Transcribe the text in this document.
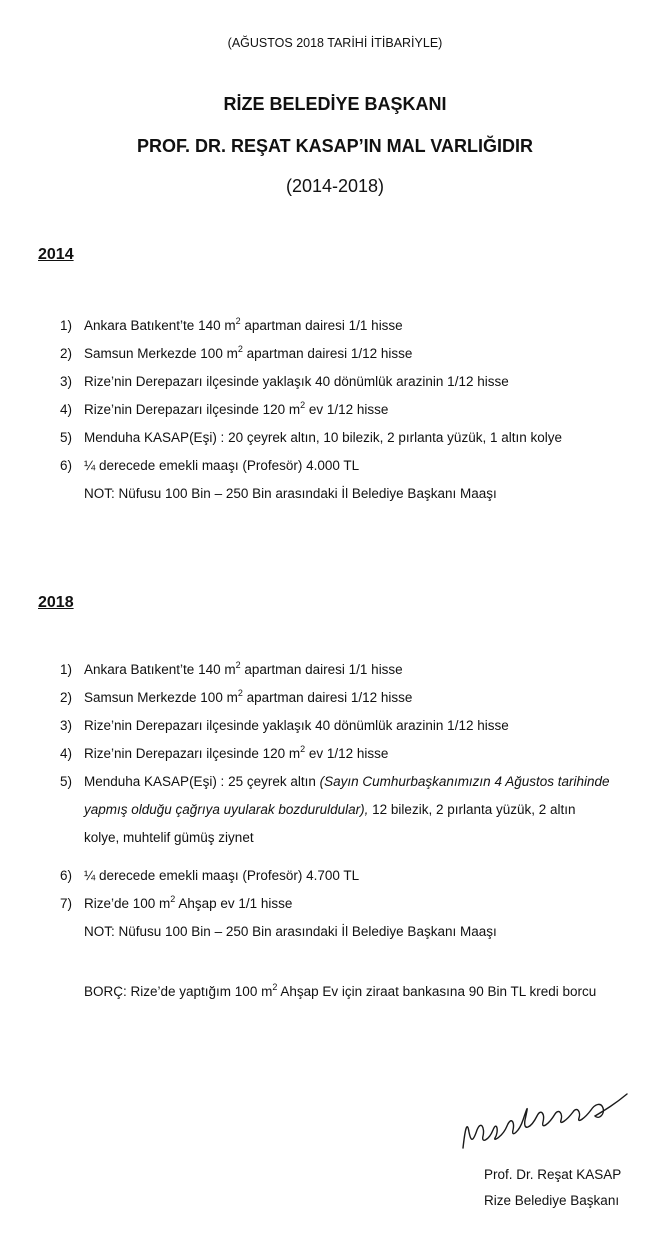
(AĞUSTOS 2018 TARİHİ İTİBARİYLE)
RİZE BELEDİYE BAŞKANI
PROF. DR. REŞAT KASAP’IN MAL VARLIĞIDIR
(2014-2018)
2014
1) Ankara Batıkent’te 140 $m^2$ apartman dairesi 1/1 hisse
2) Samsun Merkezde 100 $m^2$ apartman dairesi 1/12 hisse
3) Rize’nin Derepazarı ilçesinde yaklaşık 40 dönümlük arazinin 1/12 hisse
4) Rize’nin Derepazarı ilçesinde 120 $m^2$ ev 1/12 hisse
5) Menduha KASAP(Eşi) : 20 çeyrek altın, 10 bilezik, 2 pırlanta yüzük, 1 altın kolye
6) ¼ derecede emekli maaşı (Profesör) 4.000 TL
NOT: Nüfusu 100 Bin – 250 Bin arasındaki İl Belediye Başkanı Maaşı
2018
1) Ankara Batıkent’te 140 $m^2$ apartman dairesi 1/1 hisse
2) Samsun Merkezde 100 $m^2$ apartman dairesi 1/12 hisse
3) Rize’nin Derepazarı ilçesinde yaklaşık 40 dönümlük arazinin 1/12 hisse
4) Rize’nin Derepazarı ilçesinde 120 $m^2$ ev 1/12 hisse
5) Menduha KASAP(Eşi) : 25 çeyrek altın (Sayın Cumhurbaşkanımızın 4 Ağustos tarihinde
yapmış olduğu çağrıya uyularak bozduruldular), 12 bilezik, 2 pırlanta yüzük, 2 altın
kolye, muhtelif gümüş ziynet
6) ¼ derecede emekli maaşı (Profesör) 4.700 TL
7) Rize’de 100 $m^2$ Ahşap ev 1/1 hisse
NOT: Nüfusu 100 Bin – 250 Bin arasındaki İl Belediye Başkanı Maaşı
BORÇ: Rize’de yaptığım 100 $m^2$ Ahşap Ev için ziraat bankasına 90 Bin TL kredi borcu
Prof. Dr. Reşat KASAP
Rize Belediye Başkanı
